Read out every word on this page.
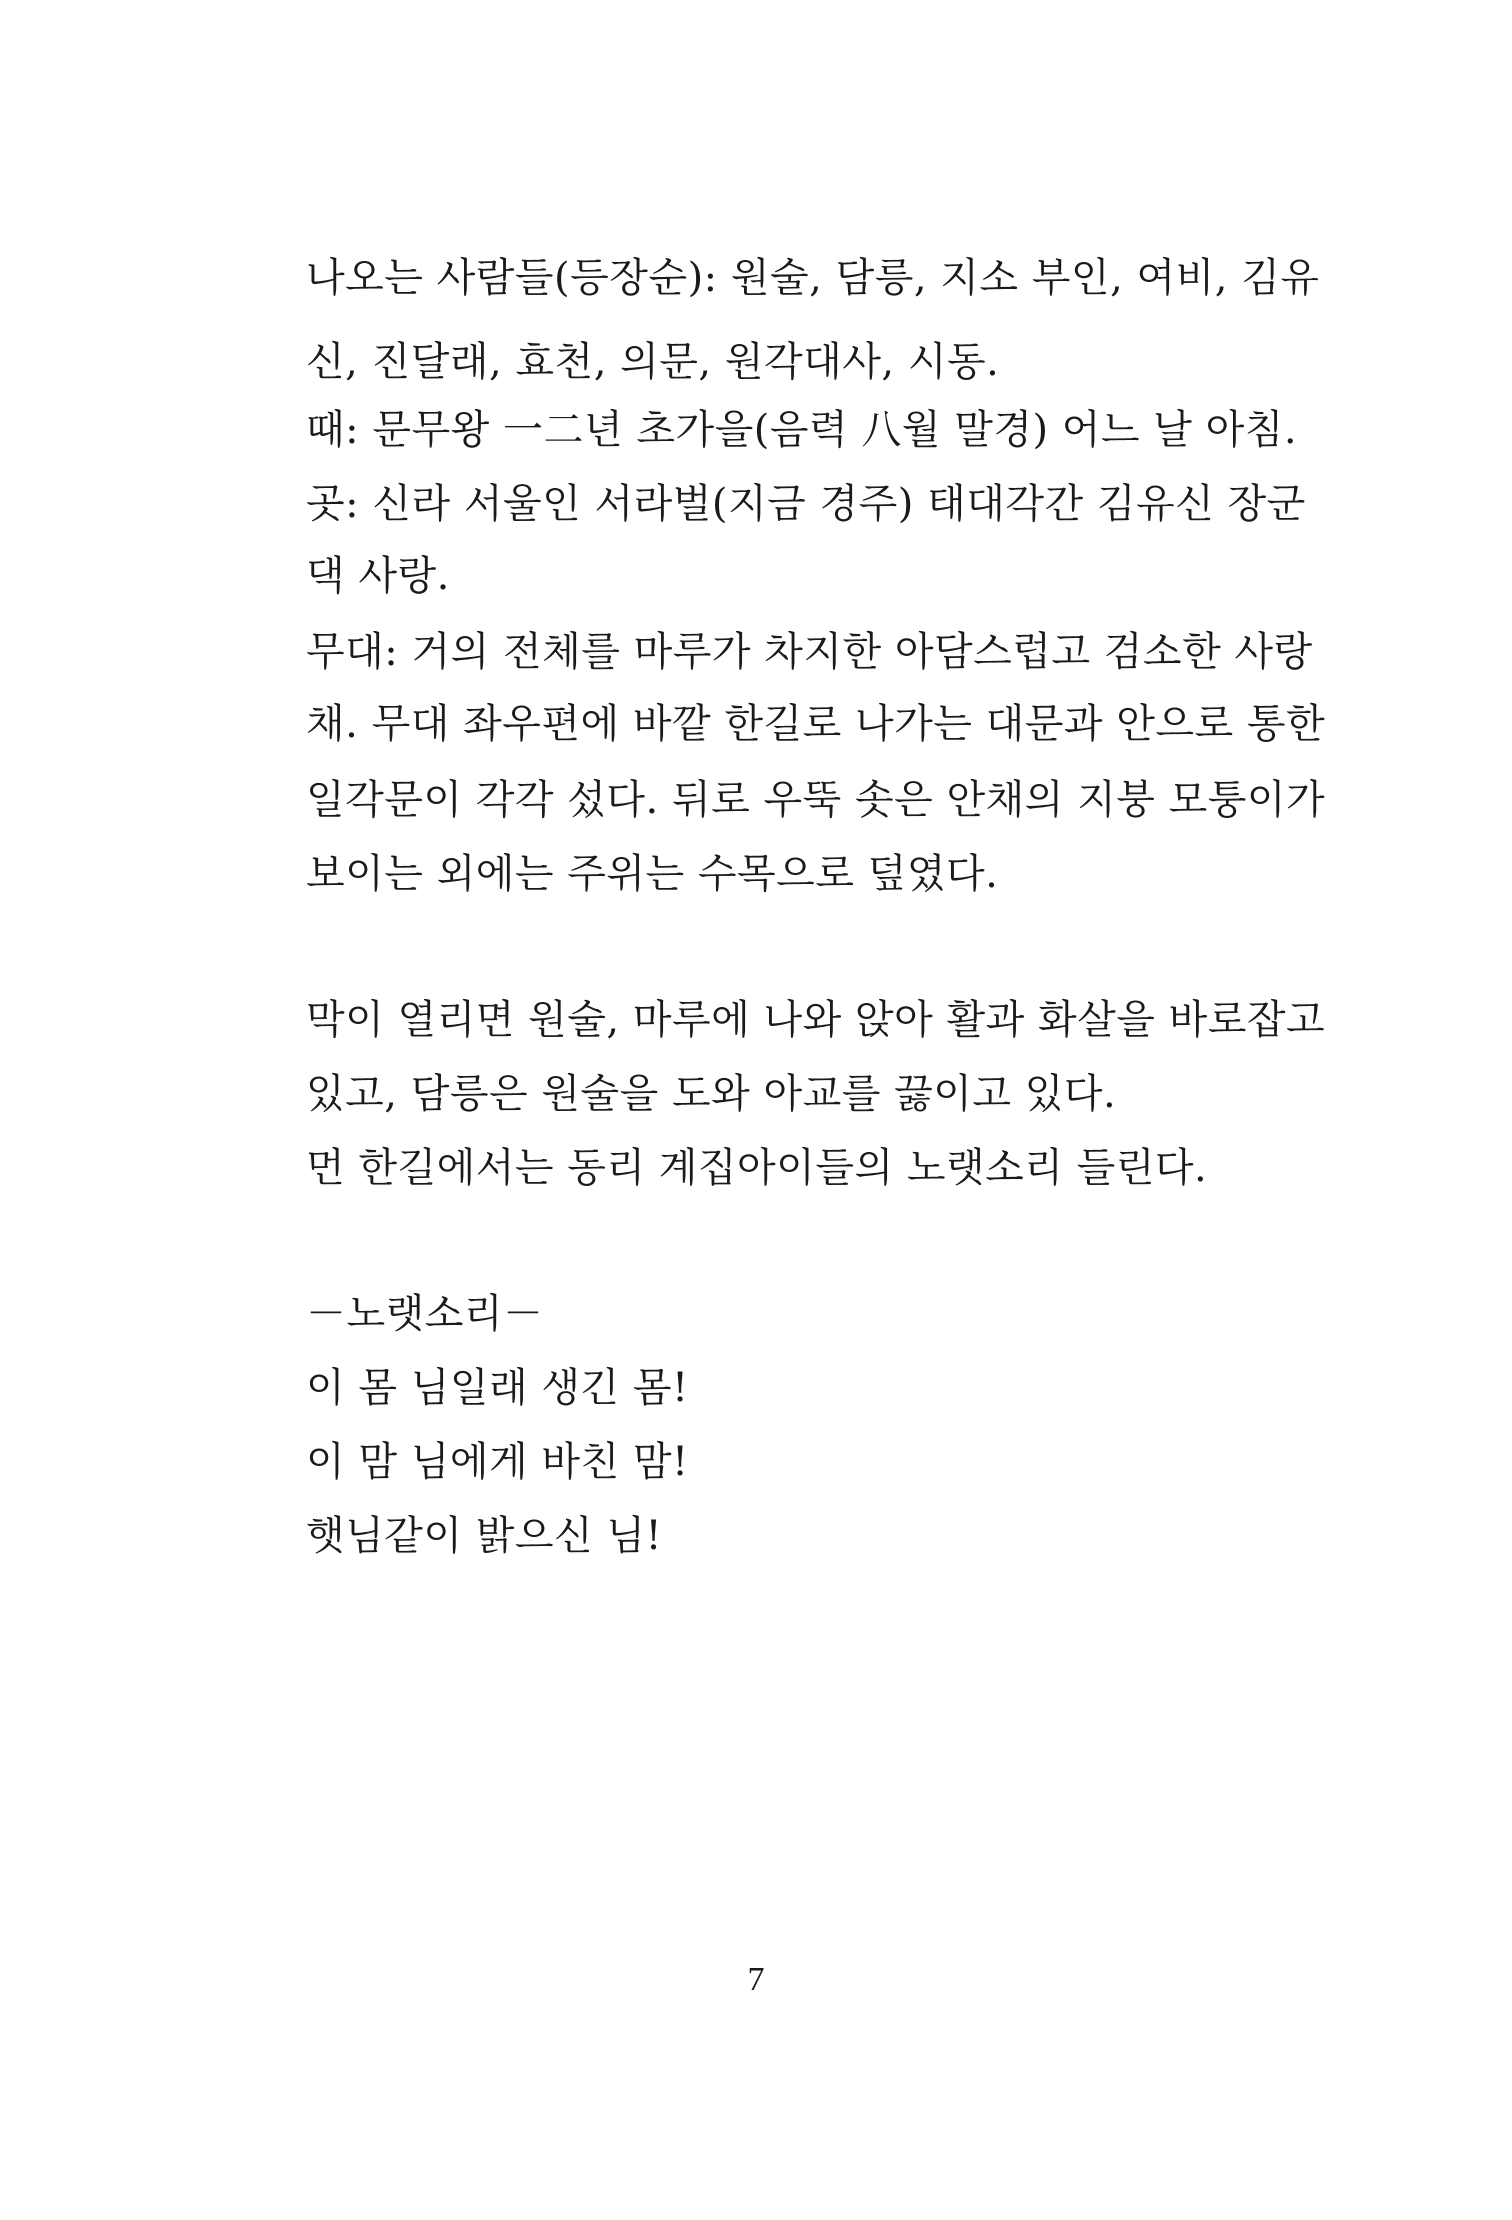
나오는 사람들(등장순): 원술, 담릉, 지소 부인, 여비, 김유
신, 진달래, 효천, 의문, 원각대사, 시동.
때: 문무왕 一二년 초가을(음력 八월 말경) 어느 날 아침.
곳: 신라 서울인 서라벌(지금 경주) 태대각간 김유신 장군
댁 사랑.
무대: 거의 전체를 마루가 차지한 아담스럽고 검소한 사랑
채. 무대 좌우편에 바깥 한길로 나가는 대문과 안으로 통한
일각문이 각각 섰다. 뒤로 우뚝 솟은 안채의 지붕 모퉁이가
보이는 외에는 주위는 수목으로 덮였다.
막이 열리면 원술, 마루에 나와 앉아 활과 화살을 바로잡고
있고, 담릉은 원술을 도와 아교를 끓이고 있다.
먼 한길에서는 동리 계집아이들의 노랫소리 들린다.
－노랫소리－
이 몸 님일래 생긴 몸!
이 맘 님에게 바친 맘!
햇님같이 밝으신 님!
7
